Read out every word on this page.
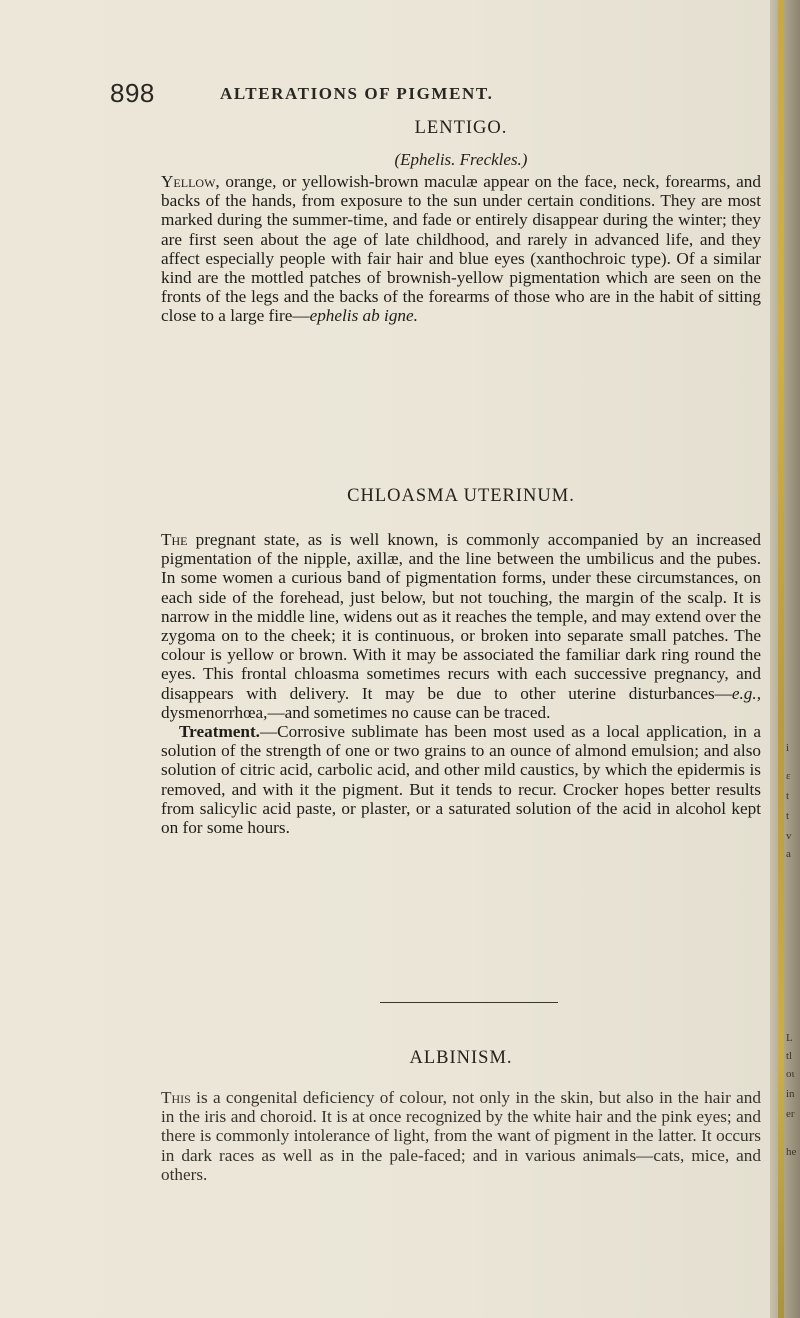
898	ALTERATIONS OF PIGMENT.

LENTIGO.

(Ephelis. Freckles.)

Yellow, orange, or yellowish-brown maculæ appear on the face, neck, forearms, and backs of the hands, from exposure to the sun under certain conditions. They are most marked during the summer-time, and fade or entirely disappear during the winter; they are first seen about the age of late childhood, and rarely in advanced life, and they affect especially people with fair hair and blue eyes (xanthochroic type). Of a similar kind are the mottled patches of brownish-yellow pigmentation which are seen on the fronts of the legs and the backs of the forearms of those who are in the habit of sitting close to a large fire—ephelis ab igne.

CHLOASMA UTERINUM.

The pregnant state, as is well known, is commonly accompanied by an increased pigmentation of the nipple, axillæ, and the line between the umbilicus and the pubes. In some women a curious band of pigmentation forms, under these circumstances, on each side of the forehead, just below, but not touching, the margin of the scalp. It is narrow in the middle line, widens out as it reaches the temple, and may extend over the zygoma on to the cheek; it is continuous, or broken into separate small patches. The colour is yellow or brown. With it may be associated the familiar dark ring round the eyes. This frontal chloasma sometimes recurs with each successive pregnancy, and disappears with delivery. It may be due to other uterine disturbances—e.g., dysmenorrhœa,—and sometimes no cause can be traced.

Treatment.—Corrosive sublimate has been most used as a local application, in a solution of the strength of one or two grains to an ounce of almond emulsion; and also solution of citric acid, carbolic acid, and other mild caustics, by which the epidermis is removed, and with it the pigment. But it tends to recur. Crocker hopes better results from salicylic acid paste, or plaster, or a saturated solution of the acid in alcohol kept on for some hours.

ALBINISM.

This is a congenital deficiency of colour, not only in the skin, but also in the hair and in the iris and choroid. It is at once recognized by the white hair and the pink eyes; and there is commonly intolerance of light, from the want of pigment in the latter. It occurs in dark races as well as in the pale-faced; and in various animals—cats, mice, and others.

i
ε
t
t
v
a
L
tl
οι
in
er
he
